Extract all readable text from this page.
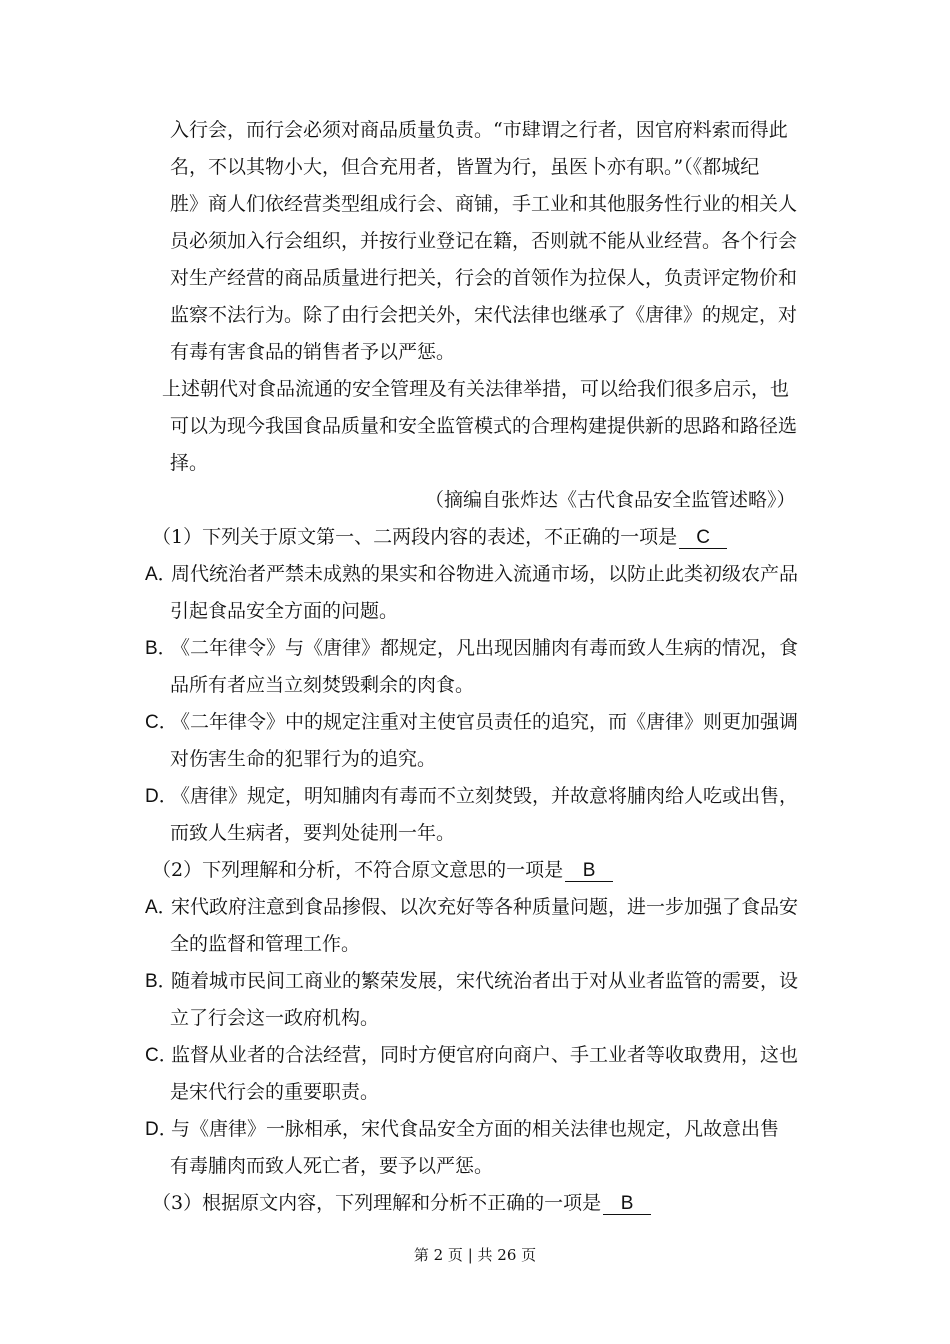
入行会，而行会必须对商品质量负责。“市肆谓之行者，因官府料索而得此
名，不以其物小大，但合充用者，皆置为行，虽医卜亦有职。”（《都城纪
胜》商人们依经营类型组成行会、商铺，手工业和其他服务性行业的相关人
员必须加入行会组织，并按行业登记在籍，否则就不能从业经营。各个行会
对生产经营的商品质量进行把关，行会的首领作为拉保人，负责评定物价和
监察不法行为。除了由行会把关外，宋代法律也继承了《唐律》的规定，对
有毒有害食品的销售者予以严惩。
上述朝代对食品流通的安全管理及有关法律举措，可以给我们很多启示，也
可以为现今我国食品质量和安全监管模式的合理构建提供新的思路和路径选
择。
（摘编自张炸达《古代食品安全监管述略》）
（1）下列关于原文第一、二两段内容的表述，不正确的一项是 C
A．周代统治者严禁未成熟的果实和谷物进入流通市场，以防止此类初级农产品
引起食品安全方面的问题。
B．《二年律令》与《唐律》都规定，凡出现因脯肉有毒而致人生病的情况，食
品所有者应当立刻焚毁剩余的肉食。
C．《二年律令》中的规定注重对主使官员责任的追究，而《唐律》则更加强调
对伤害生命的犯罪行为的追究。
D．《唐律》规定，明知脯肉有毒而不立刻焚毁，并故意将脯肉给人吃或出售，
而致人生病者，要判处徒刑一年。
（2）下列理解和分析，不符合原文意思的一项是 B
A．宋代政府注意到食品掺假、以次充好等各种质量问题，进一步加强了食品安
全的监督和管理工作。
B．随着城市民间工商业的繁荣发展，宋代统治者出于对从业者监管的需要，设
立了行会这一政府机构。
C．监督从业者的合法经营，同时方便官府向商户、手工业者等收取费用，这也
是宋代行会的重要职责。
D．与《唐律》一脉相承，宋代食品安全方面的相关法律也规定，凡故意出售
有毒脯肉而致人死亡者，要予以严惩。
（3）根据原文内容，下列理解和分析不正确的一项是 B
第 2 页 | 共 26 页
